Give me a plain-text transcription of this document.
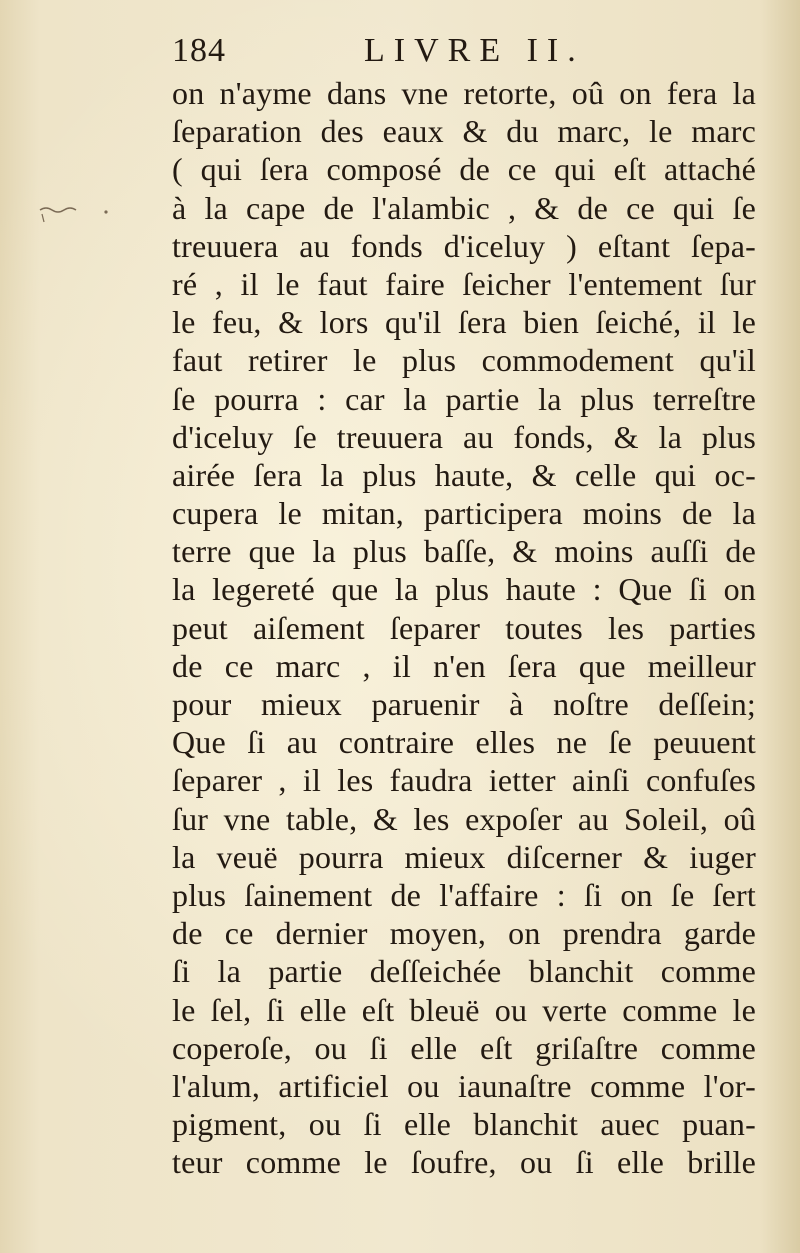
184	LIVRE II.
on n'ayme dans vne retorte, oû on fera la
ſeparation des eaux & du marc, le marc
( qui ſera composé de ce qui eſt attaché
à la cape de l'alambic , & de ce qui ſe
treuuera au fonds d'iceluy ) eſtant ſepa-
ré , il le faut faire ſeicher l'entement ſur
le feu, & lors qu'il ſera bien ſeiché, il le
faut retirer le plus commodement qu'il
ſe pourra : car la partie la plus terreſtre
d'iceluy ſe treuuera au fonds, & la plus
airée ſera la plus haute, & celle qui oc-
cupera le mitan, participera moins de la
terre que la plus baſſe, & moins auſſi de
la legereté que la plus haute : Que ſi on
peut aiſement ſeparer toutes les parties
de ce marc , il n'en ſera que meilleur
pour mieux paruenir à noſtre deſſein;
Que ſi au contraire elles ne ſe peuuent
ſeparer , il les faudra ietter ainſi confuſes
ſur vne table, & les expoſer au Soleil, oû
la veuë pourra mieux diſcerner & iuger
plus ſainement de l'affaire : ſi on ſe ſert
de ce dernier moyen, on prendra garde
ſi la partie deſſeichée blanchit comme
le ſel, ſi elle eſt bleuë ou verte comme le
coperoſe, ou ſi elle eſt griſaſtre comme
l'alum, artificiel ou iaunaſtre comme l'or-
pigment, ou ſi elle blanchit auec puan-
teur comme le ſoufre, ou ſi elle brille
